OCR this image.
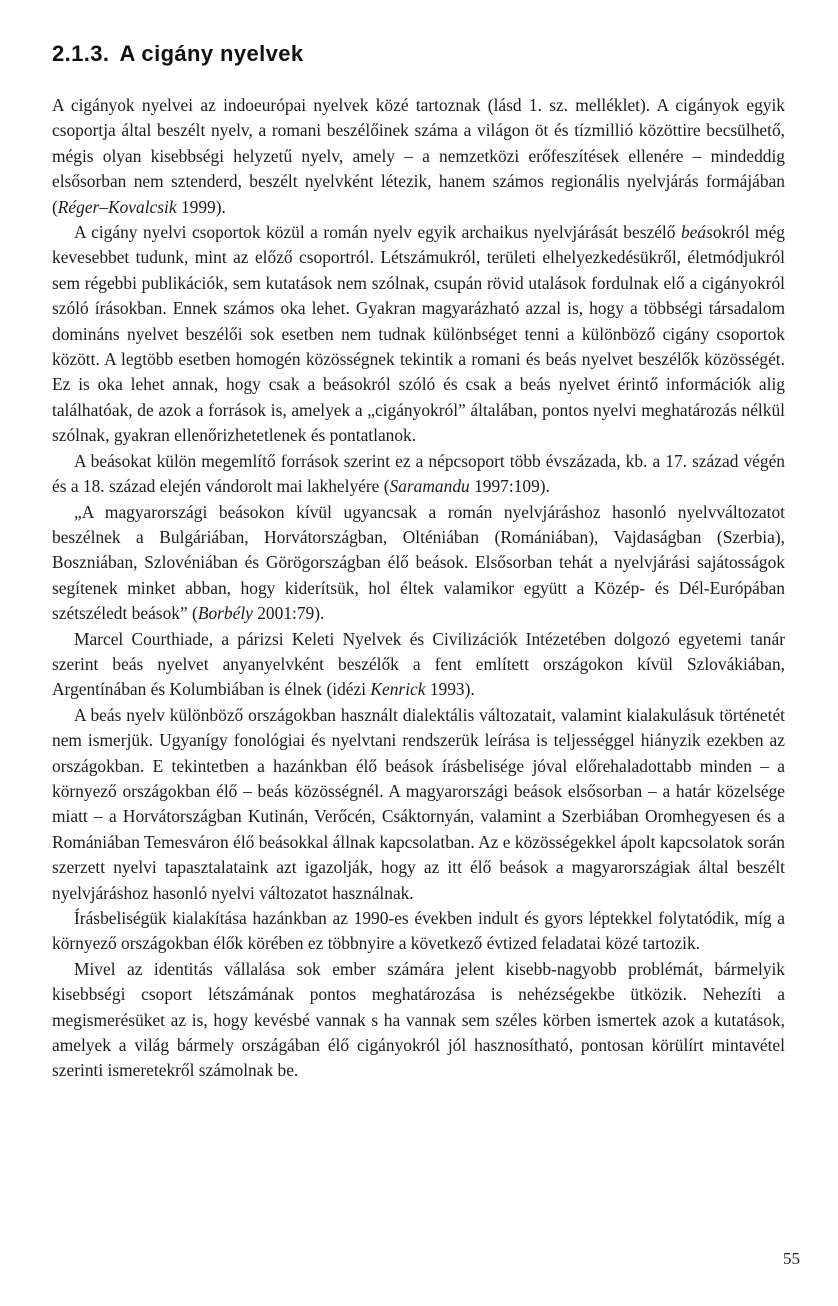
2.1.3. A cigány nyelvek

A cigányok nyelvei az indoeurópai nyelvek közé tartoznak (lásd 1. sz. melléklet). A cigányok egyik csoportja által beszélt nyelv, a romani beszélőinek száma a világon öt és tízmillió közöttire becsülhető, mégis olyan kisebbségi helyzetű nyelv, amely – a nemzetközi erőfeszítések ellenére – mindeddig elsősorban nem sztenderd, beszélt nyelvként létezik, hanem számos regionális nyelvjárás formájában (Réger–Kovalcsik 1999).

A cigány nyelvi csoportok közül a román nyelv egyik archaikus nyelvjárását beszélő beásokról még kevesebbet tudunk, mint az előző csoportról. Létszámukról, területi elhelyezkedésükről, életmódjukról sem régebbi publikációk, sem kutatások nem szólnak, csupán rövid utalások fordulnak elő a cigányokról szóló írásokban. Ennek számos oka lehet. Gyakran magyarázható azzal is, hogy a többségi társadalom domináns nyelvet beszélői sok esetben nem tudnak különbséget tenni a különböző cigány csoportok között. A legtöbb esetben homogén közösségnek tekintik a romani és beás nyelvet beszélők közösségét. Ez is oka lehet annak, hogy csak a beásokról szóló és csak a beás nyelvet érintő információk alig találhatóak, de azok a források is, amelyek a „cigányokról” általában, pontos nyelvi meghatározás nélkül szólnak, gyakran ellenőrizhetetlenek és pontatlanok.

A beásokat külön megemlítő források szerint ez a népcsoport több évszázada, kb. a 17. század végén és a 18. század elején vándorolt mai lakhelyére (Saramandu 1997:109).

„A magyarországi beásokon kívül ugyancsak a román nyelvjáráshoz hasonló nyelvváltozatot beszélnek a Bulgáriában, Horvátországban, Olténiában (Romániában), Vajdaságban (Szerbia), Boszniában, Szlovéniában és Görögországban élő beások. Elsősorban tehát a nyelvjárási sajátosságok segítenek minket abban, hogy kiderítsük, hol éltek valamikor együtt a Közép- és Dél-Európában szétszéledt beások” (Borbély 2001:79).

Marcel Courthiade, a párizsi Keleti Nyelvek és Civilizációk Intézetében dolgozó egyetemi tanár szerint beás nyelvet anyanyelvként beszélők a fent említett országokon kívül Szlovákiában, Argentínában és Kolumbiában is élnek (idézi Kenrick 1993).

A beás nyelv különböző országokban használt dialektális változatait, valamint kialakulásuk történetét nem ismerjük. Ugyanígy fonológiai és nyelvtani rendszerük leírása is teljességgel hiányzik ezekben az országokban. E tekintetben a hazánkban élő beások írásbelisége jóval előrehaladottabb minden – a környező országokban élő – beás közösségnél. A magyarországi beások elsősorban – a határ közelsége miatt – a Horvátországban Kutinán, Verőcén, Csáktornyán, valamint a Szerbiában Oromhegyesen és a Romániában Temesváron élő beásokkal állnak kapcsolatban. Az e közösségekkel ápolt kapcsolatok során szerzett nyelvi tapasztalataink azt igazolják, hogy az itt élő beások a magyarországiak által beszélt nyelvjáráshoz hasonló nyelvi változatot használnak.

Írásbeliségük kialakítása hazánkban az 1990-es években indult és gyors léptekkel folytatódik, míg a környező országokban élők körében ez többnyire a következő évtized feladatai közé tartozik.

Mivel az identitás vállalása sok ember számára jelent kisebb-nagyobb problémát, bármelyik kisebbségi csoport létszámának pontos meghatározása is nehézségekbe ütközik. Nehezíti a megismerésüket az is, hogy kevésbé vannak s ha vannak sem széles körben ismertek azok a kutatások, amelyek a világ bármely országában élő cigányokról jól hasznosítható, pontosan körülírt mintavétel szerinti ismeretekről számolnak be.

55
